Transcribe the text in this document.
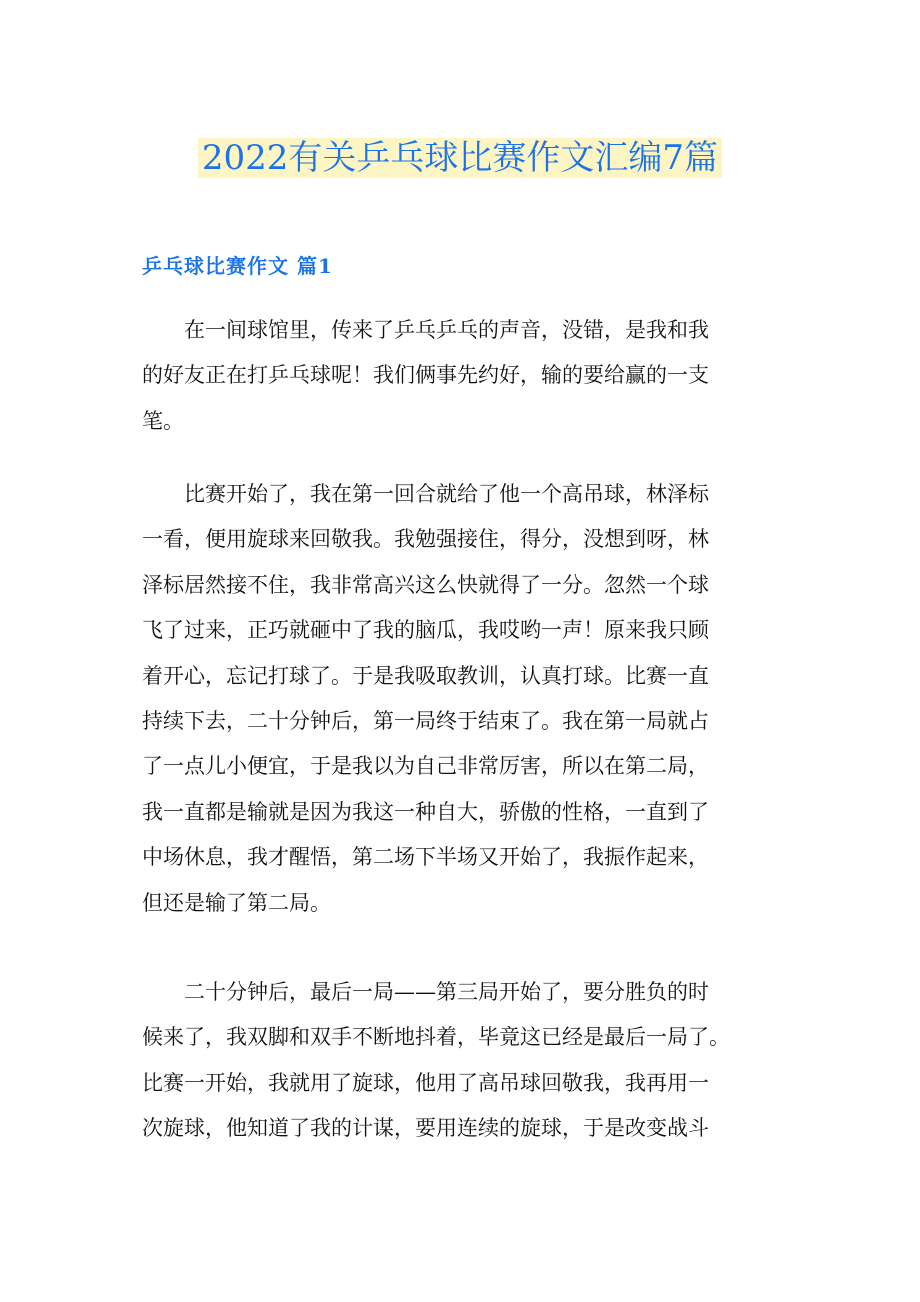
2022有关乒乓球比赛作文汇编7篇
乒乓球比赛作文 篇1

在一间球馆里，传来了乒乓乒乓的声音，没错，是我和我
的好友正在打乒乓球呢！我们俩事先约好，输的要给赢的一支
笔。

比赛开始了，我在第一回合就给了他一个高吊球，林泽标
一看，便用旋球来回敬我。我勉强接住，得分，没想到呀，林
泽标居然接不住，我非常高兴这么快就得了一分。忽然一个球
飞了过来，正巧就砸中了我的脑瓜，我哎哟一声！原来我只顾
着开心，忘记打球了。于是我吸取教训，认真打球。比赛一直
持续下去，二十分钟后，第一局终于结束了。我在第一局就占
了一点儿小便宜，于是我以为自己非常厉害，所以在第二局，
我一直都是输就是因为我这一种自大，骄傲的性格，一直到了
中场休息，我才醒悟，第二场下半场又开始了，我振作起来，
但还是输了第二局。

二十分钟后，最后一局——第三局开始了，要分胜负的时
候来了，我双脚和双手不断地抖着，毕竟这已经是最后一局了。
比赛一开始，我就用了旋球，他用了高吊球回敬我，我再用一
次旋球，他知道了我的计谋，要用连续的旋球，于是改变战斗
